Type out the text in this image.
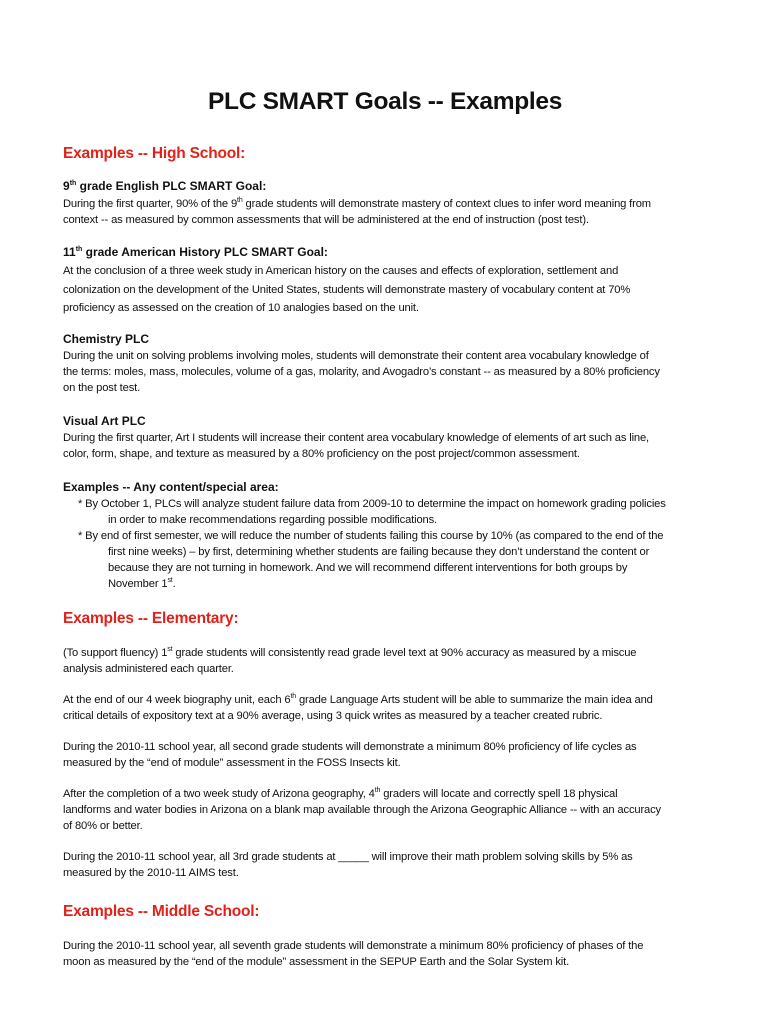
PLC SMART Goals -- Examples
Examples -- High School:
9th grade English PLC SMART Goal:
During the first quarter, 90% of the 9th grade students will demonstrate mastery of context clues to infer word meaning from
context -- as measured by common assessments that will be administered at the end of instruction (post test).
11th grade American History PLC SMART Goal:
At the conclusion of a three week study in American history on the causes and effects of exploration, settlement and
colonization on the development of the United States, students will demonstrate mastery of vocabulary content at 70%
proficiency as assessed on the creation of 10 analogies based on the unit.
Chemistry PLC
During the unit on solving problems involving moles, students will demonstrate their content area vocabulary knowledge of
the terms: moles, mass, molecules, volume of a gas, molarity, and Avogadro’s constant -- as measured by a 80% proficiency
on the post test.
Visual Art PLC
During the first quarter, Art I students will increase their content area vocabulary knowledge of elements of art such as line,
color, form, shape, and texture as measured by a 80% proficiency on the post project/common assessment.
Examples -- Any content/special area:
* By October 1, PLCs will analyze student failure data from 2009-10 to determine the impact on homework grading policies
in order to make recommendations regarding possible modifications.
* By end of first semester, we will reduce the number of students failing this course by 10% (as compared to the end of the
first nine weeks) – by first, determining whether students are failing because they don’t understand the content or
because they are not turning in homework. And we will recommend different interventions for both groups by
November 1st.
Examples -- Elementary:
(To support fluency) 1st grade students will consistently read grade level text at 90% accuracy as measured by a miscue
analysis administered each quarter.
At the end of our 4 week biography unit, each 6th grade Language Arts student will be able to summarize the main idea and
critical details of expository text at a 90% average, using 3 quick writes as measured by a teacher created rubric.
During the 2010-11 school year, all second grade students will demonstrate a minimum 80% proficiency of life cycles as
measured by the “end of module” assessment in the FOSS Insects kit.
After the completion of a two week study of Arizona geography, 4th graders will locate and correctly spell 18 physical
landforms and water bodies in Arizona on a blank map available through the Arizona Geographic Alliance -- with an accuracy
of 80% or better.
During the 2010-11 school year, all 3rd grade students at _____ will improve their math problem solving skills by 5% as
measured by the 2010-11 AIMS test.
Examples -- Middle School:
During the 2010-11 school year, all seventh grade students will demonstrate a minimum 80% proficiency of phases of the
moon as measured by the “end of the module” assessment in the SEPUP Earth and the Solar System kit.
